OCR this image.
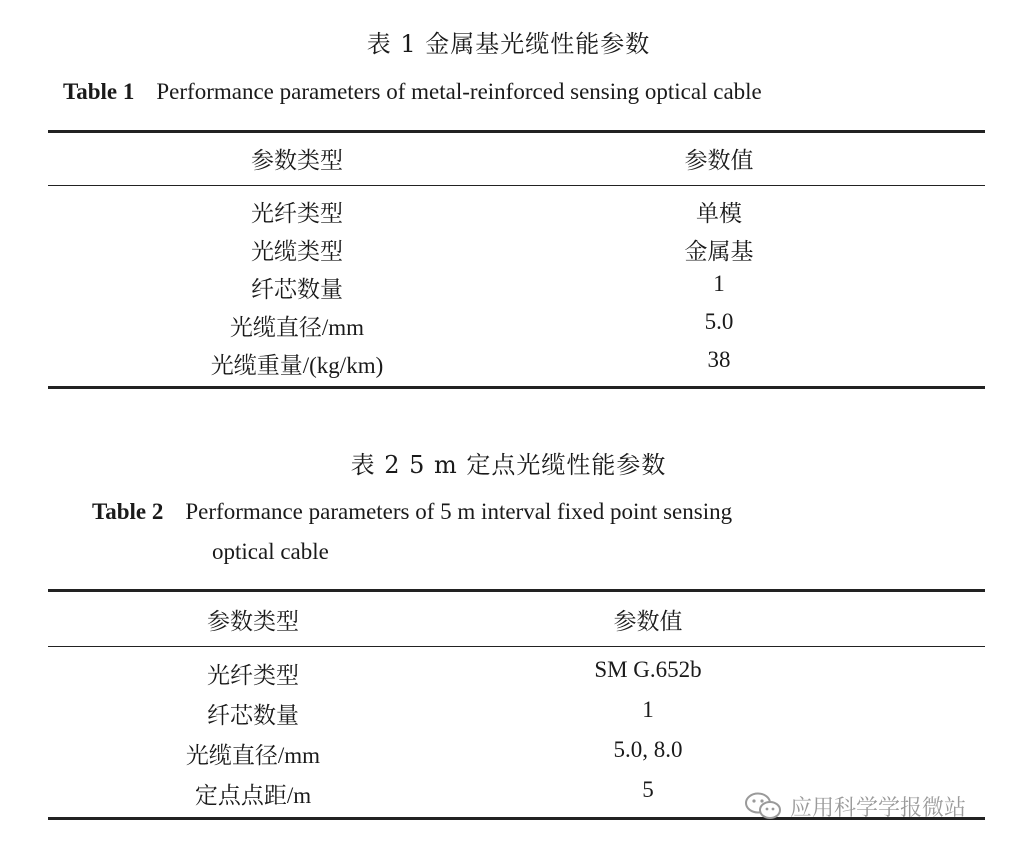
表 1 金属基光缆性能参数
Table 1 Performance parameters of metal-reinforced sensing optical cable
参数类型	参数值
光纤类型	单模
光缆类型	金属基
纤芯数量	1
光缆直径/mm	5.0
光缆重量/(kg/km)	38
表 2 5 m 定点光缆性能参数
Table 2 Performance parameters of 5 m interval fixed point sensing
optical cable
参数类型	参数值
光纤类型	SM G.652b
纤芯数量	1
光缆直径/mm	5.0, 8.0
定点点距/m	5
应用科学学报微站
